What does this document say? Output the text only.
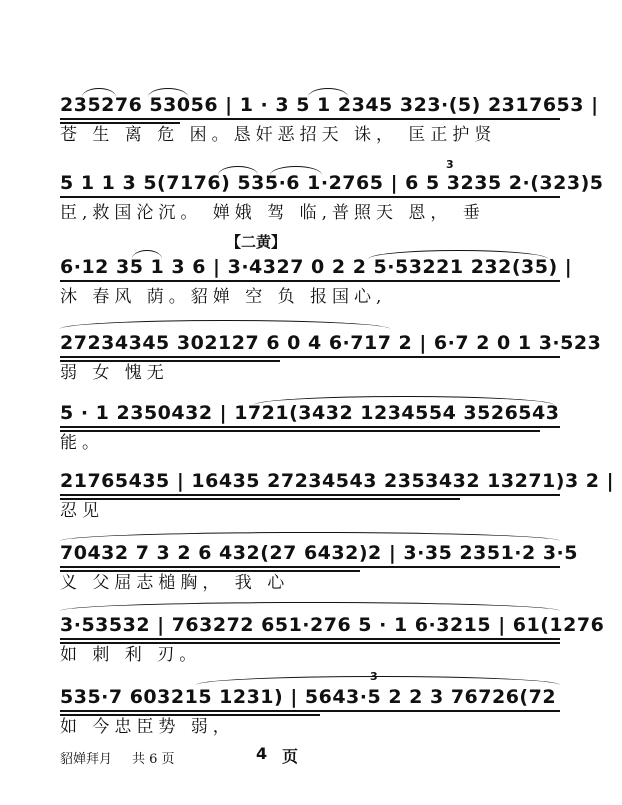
235276 53056 | 1 · 3 5 1 2345 323·(5) 2317653 |
苍 生 离 危 困。恳奸恶招天 诛， 匡正护贤
3
5 1 1 3 5(7176) 535·6 1·2765 | 6 5 3235 2·(323)5
臣,救国沦沉。 婵娥 驾 临,普照天 恩， 垂
【二黄】
6·12 35 1 3 6 | 3·4327 0 2 2 5·53221 232(35) |
沐 春风 荫。貂婵 空 负 报国心,
27234345 302127 6 0 4 6·717 2 | 6·7 2 0 1 3·523
弱 女 愧无
5 · 1 2350432 | 1721(3432 1234554 3526543
能。
21765435 | 16435 27234543 2353432 13271)3 2 |
忍见
70432 7 3 2 6 432(27 6432)2 | 3·35 2351·2 3·5
义 父屈志槌胸， 我 心
3·53532 | 763272 651·276 5 · 1 6·3215 | 61(1276
如 刺 利 刃。
3
535·7 603215 1231) | 5643·5 2 2 3 76726(72
如 今忠臣势 弱，
貂婵拜月 共 6 页	4 页
